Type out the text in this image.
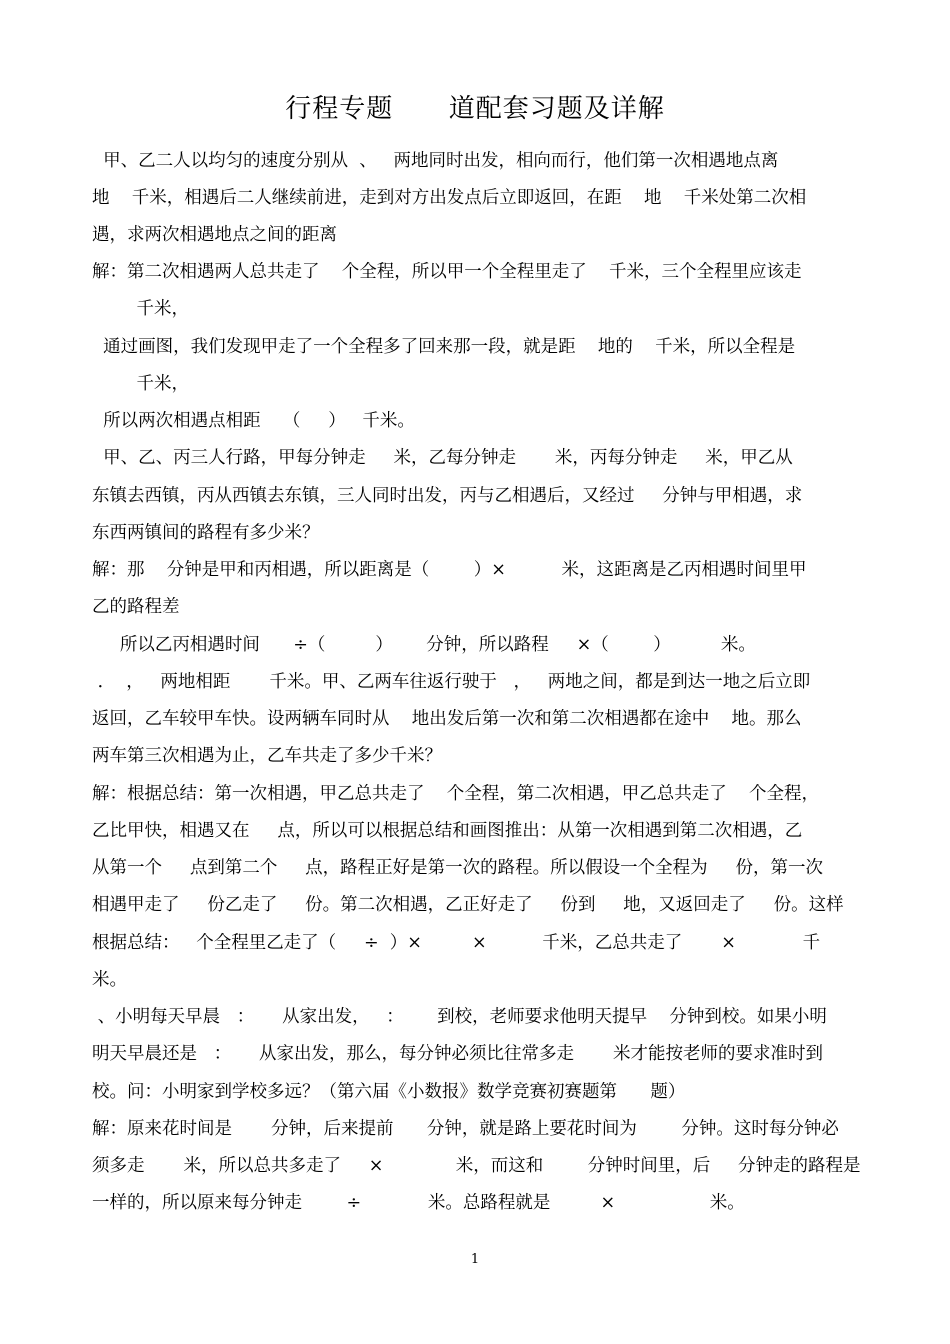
行程专题      道配套习题及详解
甲、乙二人以均匀的速度分别从  、   两地同时出发，相向而行，他们第一次相遇地点离
地    千米，相遇后二人继续前进，走到对方出发点后立即返回，在距    地    千米处第二次相
遇，求两次相遇地点之间的距离
解：第二次相遇两人总共走了    个全程，所以甲一个全程里走了    千米，三个全程里应该走
千米，
通过画图，我们发现甲走了一个全程多了回来那一段，就是距    地的    千米，所以全程是
千米，
所以两次相遇点相距    （     ）   千米。
甲、乙、丙三人行路，甲每分钟走     米，乙每分钟走       米，丙每分钟走     米，甲乙从
东镇去西镇，丙从西镇去东镇，三人同时出发，丙与乙相遇后，又经过     分钟与甲相遇，求
东西两镇间的路程有多少米？
解：那    分钟是甲和丙相遇，所以距离是（        ）×          米，这距离是乙丙相遇时间里甲
乙的路程差
所以乙丙相遇时间      ÷（         ）      分钟，所以路程     ×（        ）         米。
．  ，   两地相距       千米。甲、乙两车往返行驶于   ，   两地之间，都是到达一地之后立即
返回，乙车较甲车快。设两辆车同时从    地出发后第一次和第二次相遇都在途中    地。那么
两车第三次相遇为止，乙车共走了多少千米？
解：根据总结：第一次相遇，甲乙总共走了    个全程，第二次相遇，甲乙总共走了    个全程，
乙比甲快，相遇又在     点，所以可以根据总结和画图推出：从第一次相遇到第二次相遇，乙
从第一个     点到第二个     点，路程正好是第一次的路程。所以假设一个全程为     份，第一次
相遇甲走了     份乙走了     份。第二次相遇，乙正好走了     份到     地，又返回走了     份。这样
根据总结：   个全程里乙走了（     ÷  ）×         ×          千米，乙总共走了       ×            千
米。
、小明每天早晨   ：     从家出发，   ：      到校，老师要求他明天提早    分钟到校。如果小明
明天早晨还是   ：     从家出发，那么，每分钟必须比往常多走       米才能按老师的要求准时到
校。问：小明家到学校多远？（第六届《小数报》数学竞赛初赛题第      题）
解：原来花时间是       分钟，后来提前      分钟，就是路上要花时间为        分钟。这时每分钟必
须多走       米，所以总共多走了     ×             米，而这和        分钟时间里，后     分钟走的路程是
一样的，所以原来每分钟走        ÷            米。总路程就是         ×                 米。
1
